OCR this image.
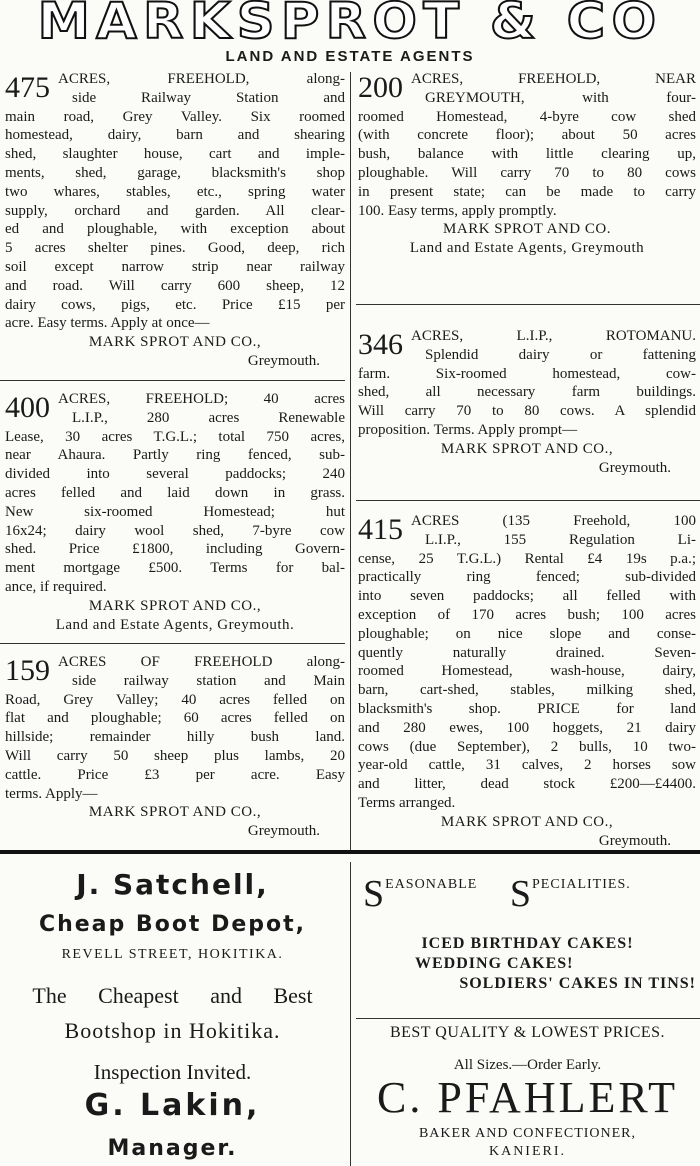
MARKSPROT & CO
LAND AND ESTATE AGENTS
475 ACRES, FREEHOLD, along-
side Railway Station and
main road, Grey Valley. Six roomed
homestead, dairy, barn and shearing
shed, slaughter house, cart and imple-
ments, shed, garage, blacksmith's shop
two whares, stables, etc., spring water
supply, orchard and garden. All clear-
ed and ploughable, with exception about
5 acres shelter pines. Good, deep, rich
soil except narrow strip near railway
and road. Will carry 600 sheep, 12
dairy cows, pigs, etc. Price £15 per
acre. Easy terms. Apply at once—
MARK SPROT AND CO.,
Greymouth.
400 ACRES, FREEHOLD; 40 acres
L.I.P., 280 acres Renewable
Lease, 30 acres T.G.L.; total 750 acres,
near Ahaura. Partly ring fenced, sub-
divided into several paddocks; 240
acres felled and laid down in grass.
New six-roomed Homestead; hut
16x24; dairy wool shed, 7-byre cow
shed. Price £1800, including Govern-
ment mortgage £500. Terms for bal-
ance, if required.
MARK SPROT AND CO.,
Land and Estate Agents, Greymouth.
159 ACRES OF FREEHOLD along-
side railway station and Main
Road, Grey Valley; 40 acres felled on
flat and ploughable; 60 acres felled on
hillside; remainder hilly bush land.
Will carry 50 sheep plus lambs, 20
cattle. Price £3 per acre. Easy
terms. Apply—
MARK SPROT AND CO.,
Greymouth.
200 ACRES, FREEHOLD, NEAR
GREYMOUTH, with four-
roomed Homestead, 4-byre cow shed
(with concrete floor); about 50 acres
bush, balance with little clearing up,
ploughable. Will carry 70 to 80 cows
in present state; can be made to carry
100. Easy terms, apply promptly.
MARK SPROT AND CO.
Land and Estate Agents, Greymouth
346 ACRES, L.I.P., ROTOMANU.
Splendid dairy or fattening
farm. Six-roomed homestead, cow-
shed, all necessary farm buildings.
Will carry 70 to 80 cows. A splendid
proposition. Terms. Apply prompt—
MARK SPROT AND CO.,
Greymouth.
415 ACRES (135 Freehold, 100
L.I.P., 155 Regulation Li-
cense, 25 T.G.L.) Rental £4 19s p.a.;
practically ring fenced; sub-divided
into seven paddocks; all felled with
exception of 170 acres bush; 100 acres
ploughable; on nice slope and conse-
quently naturally drained. Seven-
roomed Homestead, wash-house, dairy,
barn, cart-shed, stables, milking shed,
blacksmith's shop. PRICE for land
and 280 ewes, 100 hoggets, 21 dairy
cows (due September), 2 bulls, 10 two-
year-old cattle, 31 calves, 2 horses sow
and litter, dead stock £200—£4400.
Terms arranged.
MARK SPROT AND CO.,
Greymouth.
J. Satchell,
Cheap Boot Depot,
REVELL STREET, HOKITIKA.
The Cheapest and Best
Bootshop in Hokitika.
Inspection Invited.
G. Lakin,
Manager.
SEASONABLE SPECIALITIES.
ICED BIRTHDAY CAKES!
WEDDING CAKES!
SOLDIERS' CAKES IN TINS!
BEST QUALITY & LOWEST PRICES.
All Sizes.—Order Early.
C. PFAHLERT
BAKER AND CONFECTIONER,
KANIERI.
